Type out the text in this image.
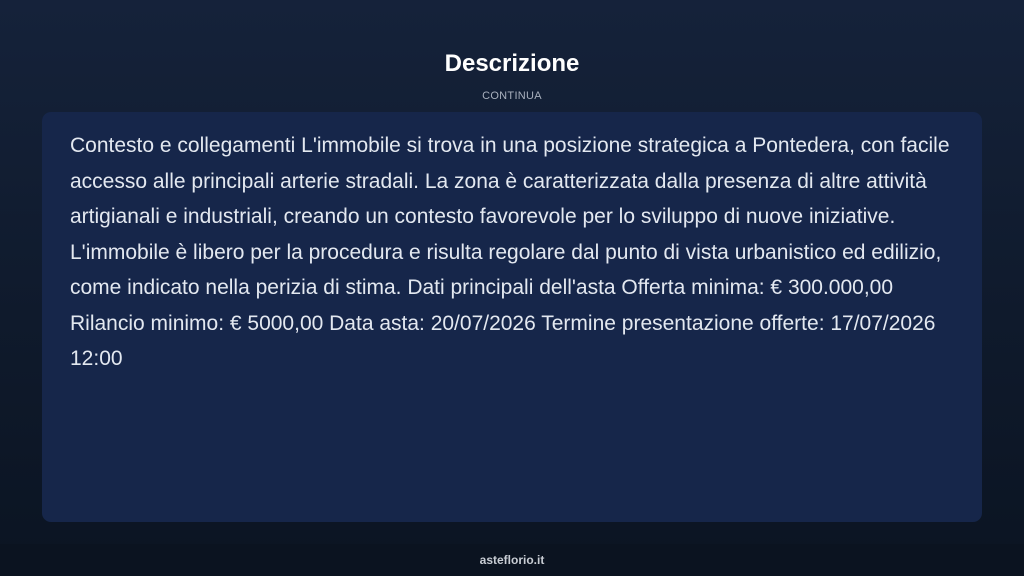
Descrizione
CONTINUA

Contesto e collegamenti L'immobile si trova in una posizione strategica a Pontedera, con facile accesso alle principali arterie stradali. La zona è caratterizzata dalla presenza di altre attività artigianali e industriali, creando un contesto favorevole per lo sviluppo di nuove iniziative. L'immobile è libero per la procedura e risulta regolare dal punto di vista urbanistico ed edilizio, come indicato nella perizia di stima. Dati principali dell'asta Offerta minima: € 300.000,00 Rilancio minimo: € 5000,00 Data asta: 20/07/2026 Termine presentazione offerte: 17/07/2026 12:00

asteflorio.it
